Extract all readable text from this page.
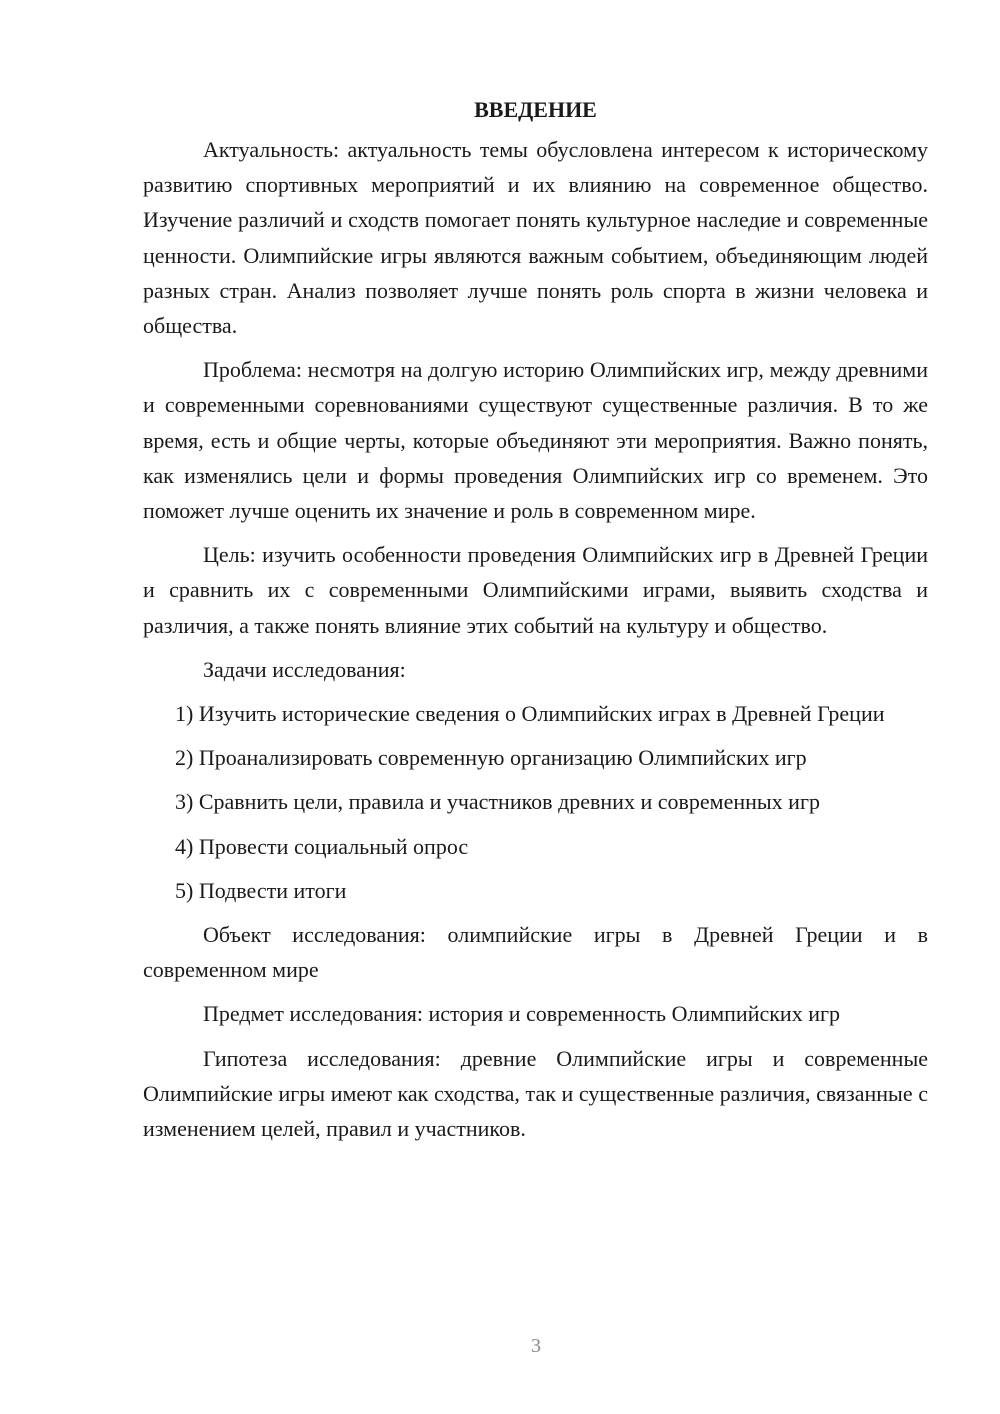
ВВЕДЕНИЕ

Актуальность: актуальность темы обусловлена интересом к историческому развитию спортивных мероприятий и их влиянию на современное общество. Изучение различий и сходств помогает понять культурное наследие и современные ценности. Олимпийские игры являются важным событием, объединяющим людей разных стран. Анализ позволяет лучше понять роль спорта в жизни человека и общества.

Проблема: несмотря на долгую историю Олимпийских игр, между древними и современными соревнованиями существуют существенные различия. В то же время, есть и общие черты, которые объединяют эти мероприятия. Важно понять, как изменялись цели и формы проведения Олимпийских игр со временем. Это поможет лучше оценить их значение и роль в современном мире.

Цель: изучить особенности проведения Олимпийских игр в Древней Греции и сравнить их с современными Олимпийскими играми, выявить сходства и различия, а также понять влияние этих событий на культуру и общество.

Задачи исследования:

1) Изучить исторические сведения о Олимпийских играх в Древней Греции

2) Проанализировать современную организацию Олимпийских игр

3) Сравнить цели, правила и участников древних и современных игр

4) Провести социальный опрос

5) Подвести итоги

Объект исследования: олимпийские игры в Древней Греции и в современном мире

Предмет исследования: история и современность Олимпийских игр

Гипотеза исследования: древние Олимпийские игры и современные Олимпийские игры имеют как сходства, так и существенные различия, связанные с изменением целей, правил и участников.

3
